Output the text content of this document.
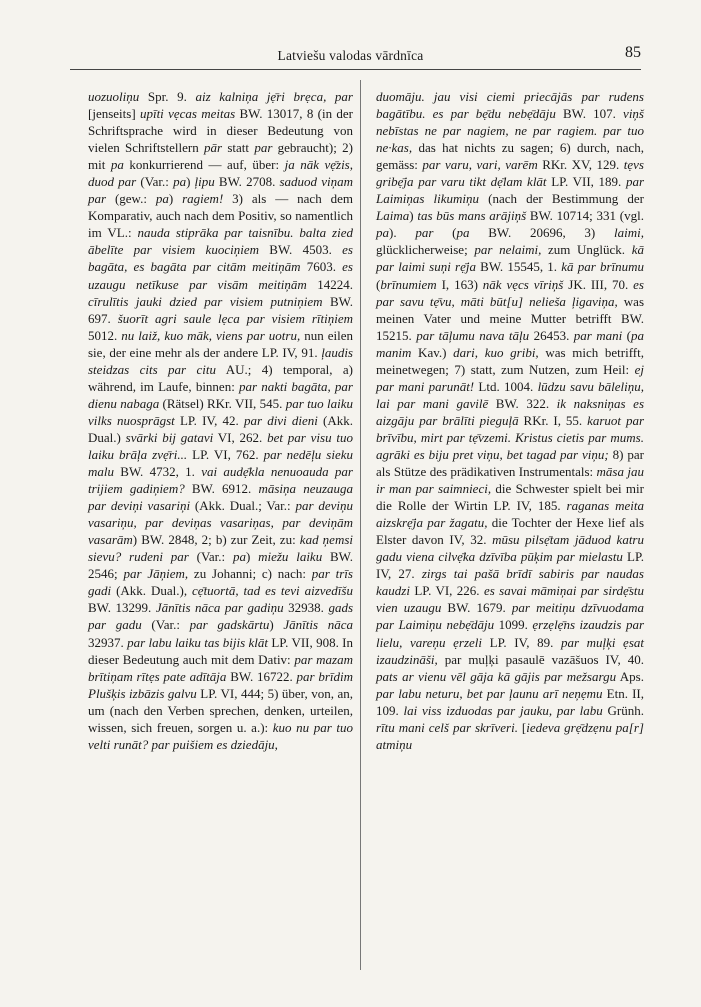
Latviešu valodas vārdnīca	85

uozuoliņu Spr. 9. aiz kalniņa jẹ̄ri brẹca, par [jenseits] upīti vẹcas meitas BW. 13017, 8 (in der Schriftsprache wird in dieser Bedeutung von vielen Schriftstellern pār statt par gebraucht); 2) mit pa konkurrierend — auf, über: ja nāk vẹ̄zis, duod par (Var.: pa) ļipu BW. 2708. saduod viņam par (gew.: pa) ragiem! 3) als — nach dem Komparativ, auch nach dem Positiv, so namentlich im VL.: nauda stiprāka par taisnību. balta zied ābelīte par visiem kuociņiem BW. 4503. es bagāta, es bagāta par citām meitiņām 7603. es uzaugu netīkuse par visām meitiņām 14224. cīrulītis jauki dzied par visiem putniņiem BW. 697. šuorīt agri saule lẹca par visiem rītiņiem 5012. nu laiž, kuo māk, viens par uotru, nun eilen sie, der eine mehr als der andere LP. IV, 91. ļaudis steidzas cits par citu AU.; 4) temporal, a) während, im Laufe, binnen: par nakti bagāta, par dienu nabaga (Rätsel) RKr. VII, 545. par tuo laiku vilks nuosprāgst LP. IV, 42. par divi dieni (Akk. Dual.) svārki bij gatavi VI, 262. bet par visu tuo laiku brāļa zvẹ̄ri... LP. VI, 762. par nedēļu sieku malu BW. 4732, 1. vai audẹ̄kla nenuoauda par trijiem gadiņiem? BW. 6912. māsiņa neuzauga par deviņi vasariņi (Akk. Dual.; Var.: par deviņu vasariņu, par deviņas vasariņas, par deviņām vasarām) BW. 2848, 2; b) zur Zeit, zu: kad ņemsi sievu? rudeni par (Var.: pa) miežu laiku BW. 2546; par Jāņiem, zu Johanni; c) nach: par trīs gadi (Akk. Dual.), cẹ̄tuortā, tad es tevi aizvedīšu BW. 13299. Jānītis nāca par gadiņu 32938. gads par gadu (Var.: par gadskārtu) Jānītis nāca 32937. par labu laiku tas bijis klāt LP. VII, 908. In dieser Bedeutung auch mit dem Dativ: par mazam brītiņam rītẹs pate adītāja BW. 16722. par brīdim Plušķis izbāzis galvu LP. VI, 444; 5) über, von, an, um (nach den Verben sprechen, denken, urteilen, wissen, sich freuen, sorgen u. a.): kuo nu par tuo velti runāt? par puišiem es dziedāju,

duomāju. jau visi ciemi priecājās par rudens bagātību. es par bẹ̄du nebẹ̄dāju BW. 107. viņš nebīstas ne par nagiem, ne par ragiem. par tuo ne·kas, das hat nichts zu sagen; 6) durch, nach, gemäss: par varu, vari, varēm RKr. XV, 129. tẹvs gribẹ̄ja par varu tikt dẹ̄lam klāt LP. VII, 189. par Laimiņas likumiņu (nach der Bestimmung der Laima) tas būs mans arājiņš BW. 10714; 331 (vgl. pa). par (pa BW. 20696, 3) laimi, glücklicherweise; par nelaimi, zum Unglück. kā par laimi suņi rẹ̄ja BW. 15545, 1. kā par brīnumu (brīnumiem I, 163) nāk vẹcs vīriņš JK. III, 70. es par savu tẹ̄vu, māti būt[u] nelieša ļigaviņa, was meinen Vater und meine Mutter betrifft BW. 15215. par tāļumu nava tāļu 26453. par mani (pa manim Kav.) dari, kuo gribi, was mich betrifft, meinetwegen; 7) statt, zum Nutzen, zum Heil: ej par mani parunāt! Ltd. 1004. lūdzu savu bāleliņu, lai par mani gavilē BW. 322. ik naksniņas es aizgāju par brālīti pieguļā RKr. I, 55. karuot par brīvību, mirt par tẹ̄vzemi. Kristus cietis par mums. agrāki es biju pret viņu, bet tagad par viņu; 8) par als Stütze des prädikativen Instrumentals: māsa jau ir man par saimnieci, die Schwester spielt bei mir die Rolle der Wirtin LP. IV, 185. raganas meita aizskrẹ̄ja par žagatu, die Tochter der Hexe lief als Elster davon IV, 32. mūsu pilsẹ̄tam jāduod katru gadu viena cilvẹ̄ka dzīvība pūķim par mielastu LP. IV, 27. zirgs tai pašā brīdī sabiris par naudas kaudzi LP. VI, 226. es savai māmiņai par sirdẹ̄stu vien uzaugu BW. 1679. par meitiņu dzīvuodama par Laimiņu nebẹ̄dāju 1099. ẹrzẹlẹ̄ns izaudzis par lielu, vareņu ẹrzeli LP. IV, 89. par muļķi ẹsat izaudzināši, par muļķi pasaulē vazāšuos IV, 40. pats ar vienu vēl gāja kā gājis par mežsargu Aps. par labu neturu, bet par ļaunu arī neņẹmu Etn. II, 109. lai viss izduodas par jauku, par labu Grünh. rītu mani celš par skrīveri. [iedeva grẹ̄dzẹnu pa[r] atmiņu
